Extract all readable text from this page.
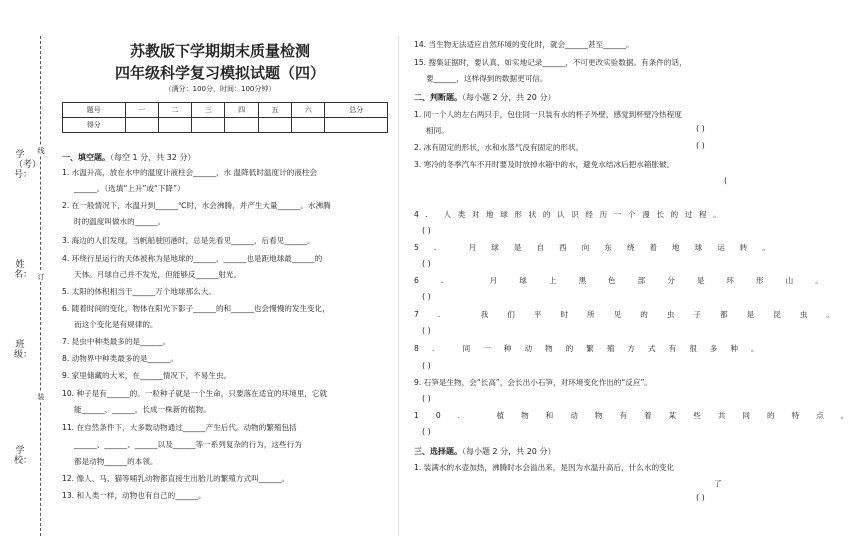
学校：
班级：
姓名：
学（考）号：
装
订
线
苏教版下学期期末质量检测
四年级科学复习模拟试题（四）
（满分：100分，时间：100分钟）
题号	一	二	三	四	五	六	总分
得分							
一、填空题。（每空 1 分，共 32 分）
1. 水温升高，放在水中的温度计液柱会______，水 温降低时温度计的液柱会
______。（选填“上升”或“下降”）
2. 在一般情况下，水温升到______℃时，水会沸腾，并产生大量______。水沸腾
时的温度叫做水的______。
3. 海边的人们发现，当帆船驶回港时，总是先看见______，后看见______。
4. 环绕行星运行的天体被称为是地球的______，______也是距地球最______的
天体。月球自己并不发光，但能够反______射光。
5. 太阳的体积相当于______万个地球那么大。
6. 随着时间的变化，物体在阳光下影子______的和______也会慢慢的发生变化，
而这个变化是有规律的。
7. 昆虫中种类最多的是______。
8. 动物界中种类最多的是______。
9. 家里储藏的大米，在______情况下，不易生虫。
10. 种子是有______的。一粒种子就是一个生命，只要落在适宜的环境里，它就
能______、______，长成一株新的植物。
11. 在自然条件下，大多数动物通过______产生后代。动物的繁殖包括
______、______、______以及______等一系列复杂的行为，这些行为
都是动物______的本领。
12. 像人、马、猫等哺乳动物都直接生出胎儿的繁殖方式叫______。
13. 和人类一样，动物也有自己的______。
14. 当生物无法适应自然环境的变化时，就会______甚至______。
15. 搜集证据时，要认真、如实地记录______，不可更改实验数据。有条件的话，
要______，这样得到的数据更可信。
二、判断题。（每小题 2 分，共 20 分）
1. 同一个人的左右两只手，包住同一只装有水的杯子外壁，感觉到杯壁冷热程度
相同。	( )
2. 冰有固定的形状，水和水蒸气没有固定的形状。	( )
3. 寒冷的冬季汽车不开时要及时放掉水箱中的水，避免水结冰后把水箱胀破。
(
4. 人类对地球形状的认识经历一个漫长的过程。
( )
5. 月球是自西向东绕着地球运转。
( )
6. 月球上黑色部分是环形山。
( )
7. 我们平时所见的虫子都是昆虫。
( )
8. 同一种动物的繁殖方式有很多种。
( )
9. 石笋是生物，会“长高”，会长出小石笋，对环境变化作出的“反应”。
( )
10. 植物和动物有着某些共同的特点。
( )
三、选择题。（每小题 2 分，共 20 分）
1. 装满水的水壶加热，沸腾时水会溢出来，是因为水温升高后，什么水的变化
了
( )
